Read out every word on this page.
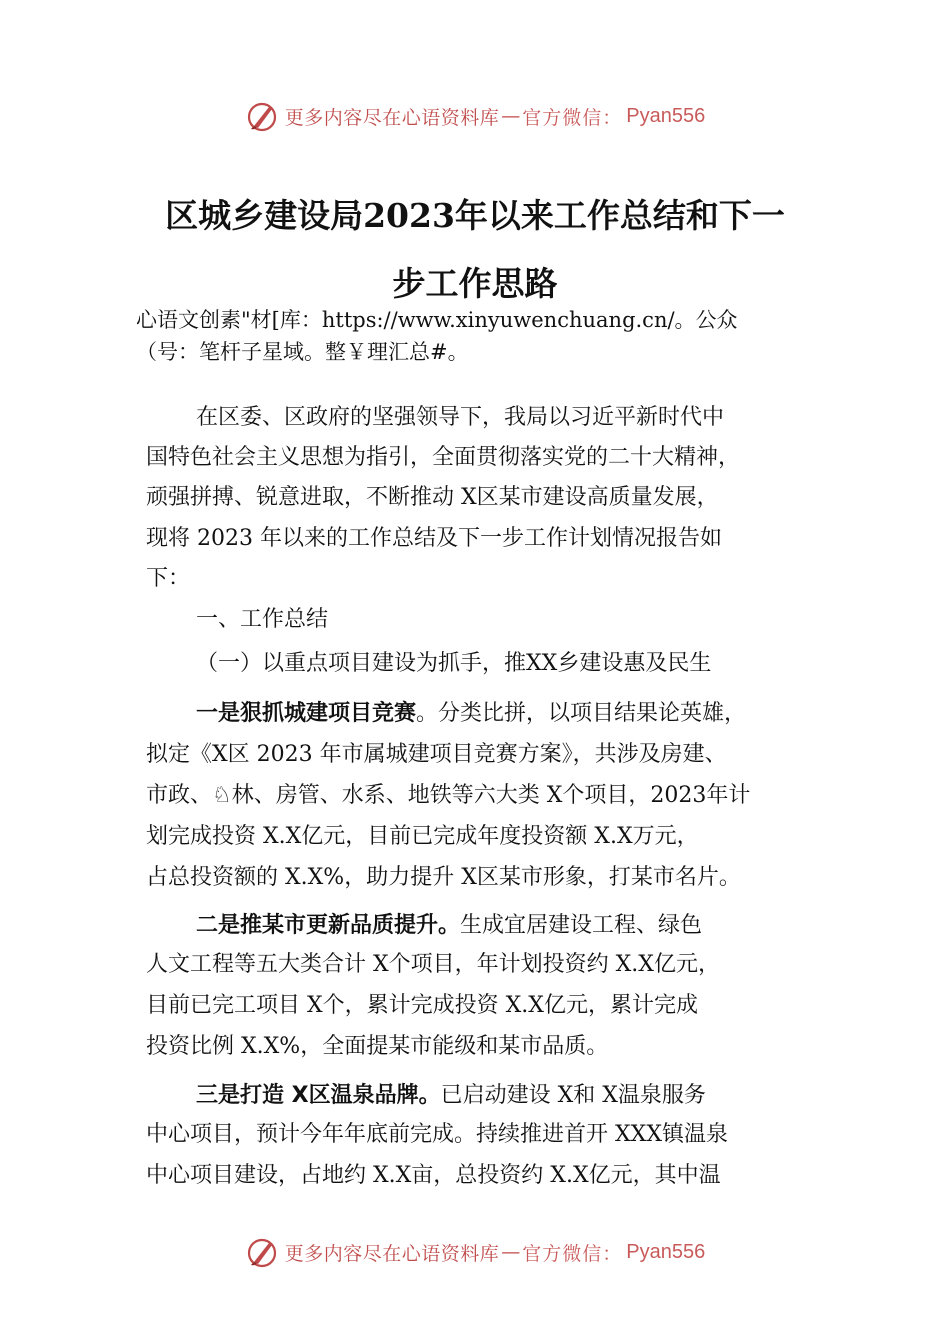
更多内容尽在心语资料库 — 官方微信： Pyan556
区城乡建设局2023年以来工作总结和下一
步工作思路
心语文创素"材[库：https://www.xinyuwenchuang.cn/。公众
（号：笔杆子星域。整￥理汇总#。
在区委、区政府的坚强领导下，我局以习近平新时代中
国特色社会主义思想为指引，全面贯彻落实党的二十大精神，
顽强拼搏、锐意进取，不断推动 X区某市建设高质量发展，
现将 2023 年以来的工作总结及下一步工作计划情况报告如
下：
一、工作总结
（一）以重点项目建设为抓手，推XX乡建设惠及民生
一是狠抓城建项目竞赛。分类比拼，以项目结果论英雄，
拟定《X区 2023 年市属城建项目竞赛方案》，共涉及房建、
市政、♘林、房管、水系、地铁等六大类 X个项目，2023年计
划完成投资 X.X亿元，目前已完成年度投资额 X.X万元，
占总投资额的 X.X%，助力提升 X区某市形象，打某市名片。
二是推某市更新品质提升。生成宜居建设工程、绿色
人文工程等五大类合计 X个项目，年计划投资约 X.X亿元，
目前已完工项目 X个，累计完成投资 X.X亿元，累计完成
投资比例 X.X%，全面提某市能级和某市品质。
三是打造 X区温泉品牌。已启动建设 X和 X温泉服务
中心项目，预计今年年底前完成。持续推进首开 XXX镇温泉
中心项目建设，占地约 X.X亩，总投资约 X.X亿元，其中温
更多内容尽在心语资料库 — 官方微信： Pyan556
